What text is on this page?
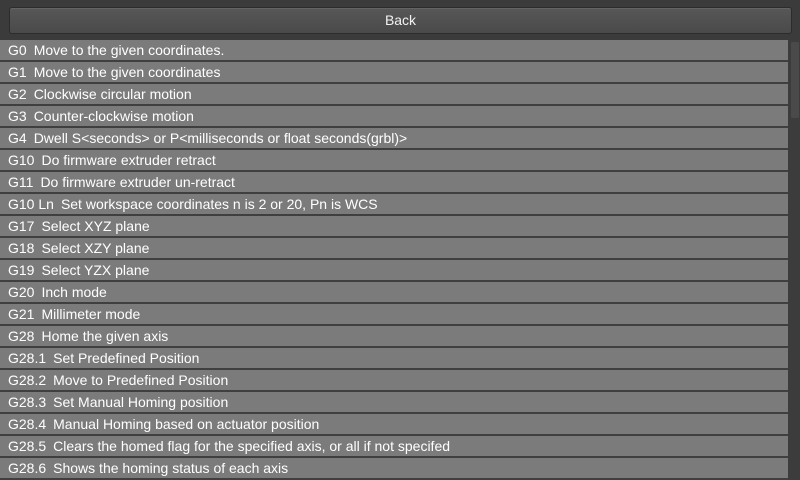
Back
G0 Move to the given coordinates.
G1 Move to the given coordinates
G2 Clockwise circular motion
G3 Counter-clockwise motion
G4 Dwell S<seconds> or P<milliseconds or float seconds(grbl)>
G10 Do firmware extruder retract
G11 Do firmware extruder un-retract
G10 Ln Set workspace coordinates n is 2 or 20, Pn is WCS
G17 Select XYZ plane
G18 Select XZY plane
G19 Select YZX plane
G20 Inch mode
G21 Millimeter mode
G28 Home the given axis
G28.1 Set Predefined Position
G28.2 Move to Predefined Position
G28.3 Set Manual Homing position
G28.4 Manual Homing based on actuator position
G28.5 Clears the homed flag for the specified axis, or all if not specifed
G28.6 Shows the homing status of each axis
